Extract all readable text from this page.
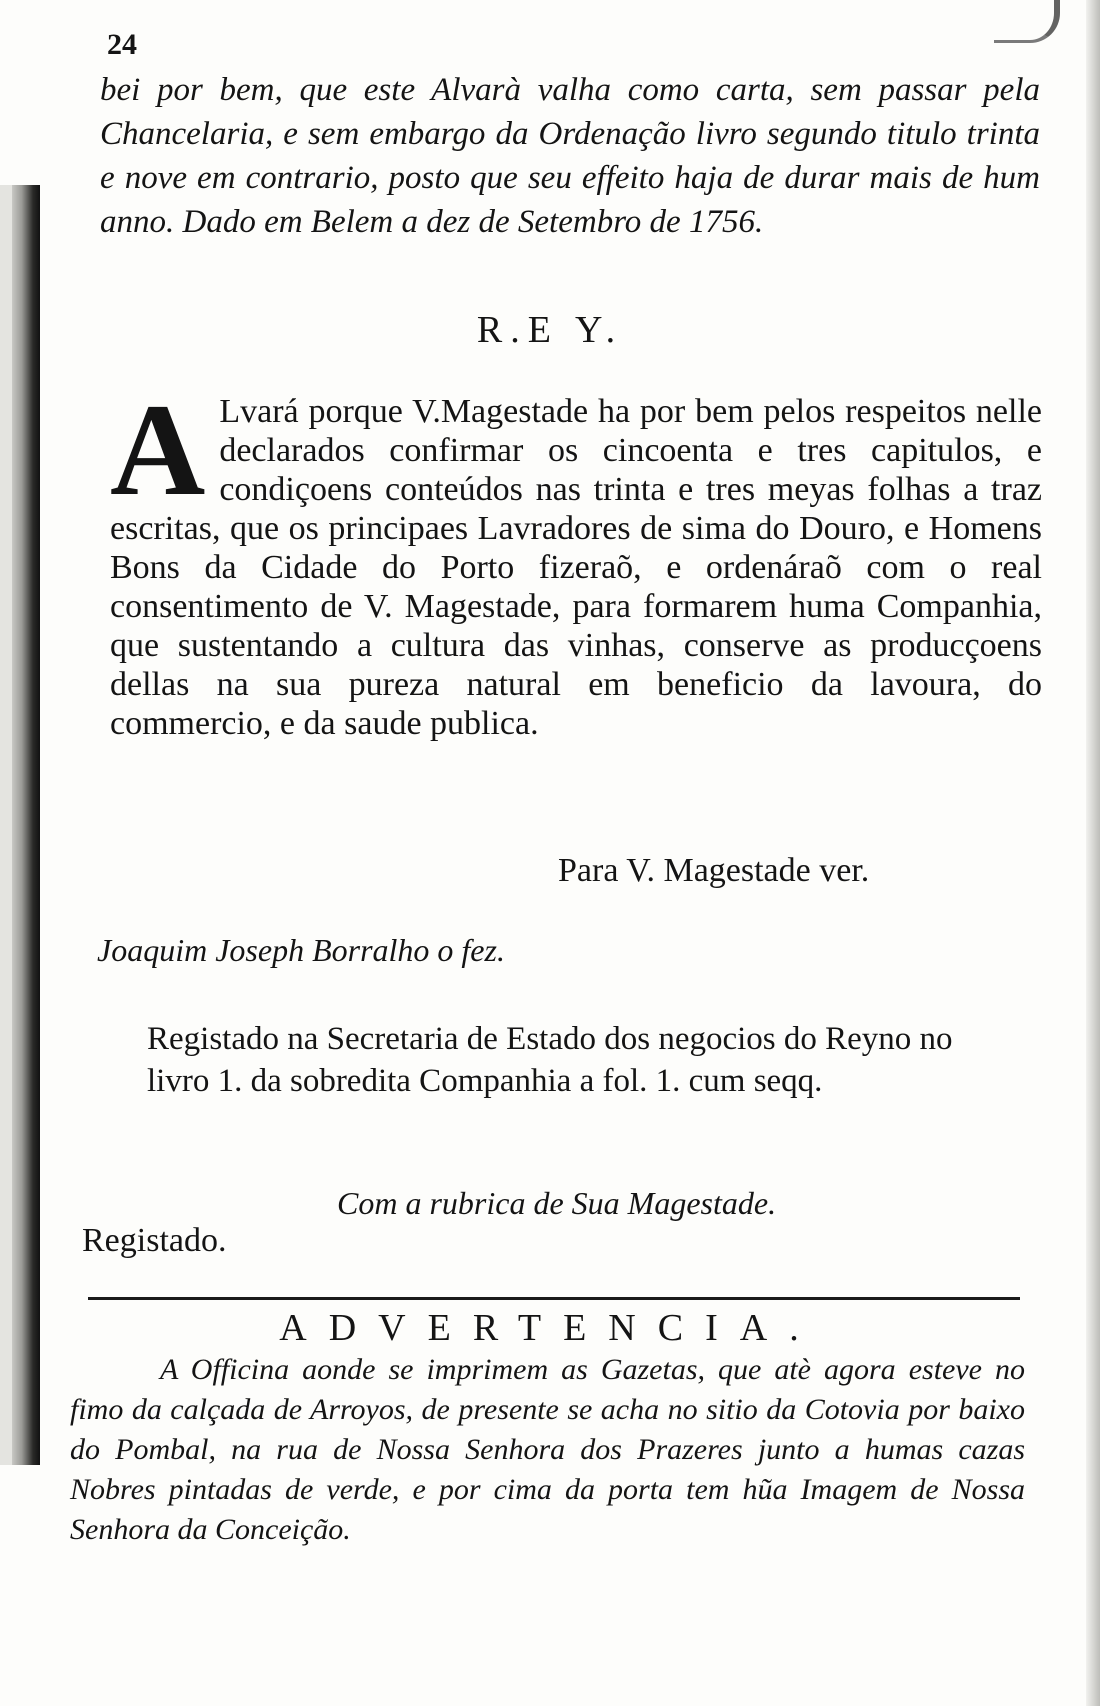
24

bei por bem, que este Alvarà valha como carta, sem passar pela Chancelaria, e sem embargo da Ordenação livro segundo titulo trinta e nove em contrario, posto que seu effeito haja de durar mais de hum anno. Dado em Belem a dez de Setembro de 1756.

R.E Y.
A Lvará porque V.Magestade ha por bem pelos respeitos nelle declarados confirmar os cincoenta e tres capitulos, e condiçoens conteúdos nas trinta e tres meyas folhas a traz escritas, que os principaes Lavradores de sima do Douro, e Homens Bons da Cidade do Porto fizeraõ, e ordenáraõ com o real consentimento de V. Magestade, para formarem huma Companhia, que sustentando a cultura das vinhas, conserve as producçoens dellas na sua pureza natural em beneficio da lavoura, do commercio, e da saude publica.
Para V. Magestade ver.
Joaquim Joseph Borralho o fez.
Registado na Secretaria de Estado dos negocios do Reyno no livro 1. da sobredita Companhia a fol. 1. cum seqq.
Com a rubrica de Sua Magestade.
Registado.
ADVERTENCIA.

A Officina aonde se imprimem as Gazetas, que atè agora esteve no fimo da calçada de Arroyos, de presente se acha no sitio da Cotovia por baixo do Pombal, na rua de Nossa Senhora dos Prazeres junto a humas cazas Nobres pintadas de verde, e por cima da porta tem hũa Imagem de Nossa Senhora da Conceição.
